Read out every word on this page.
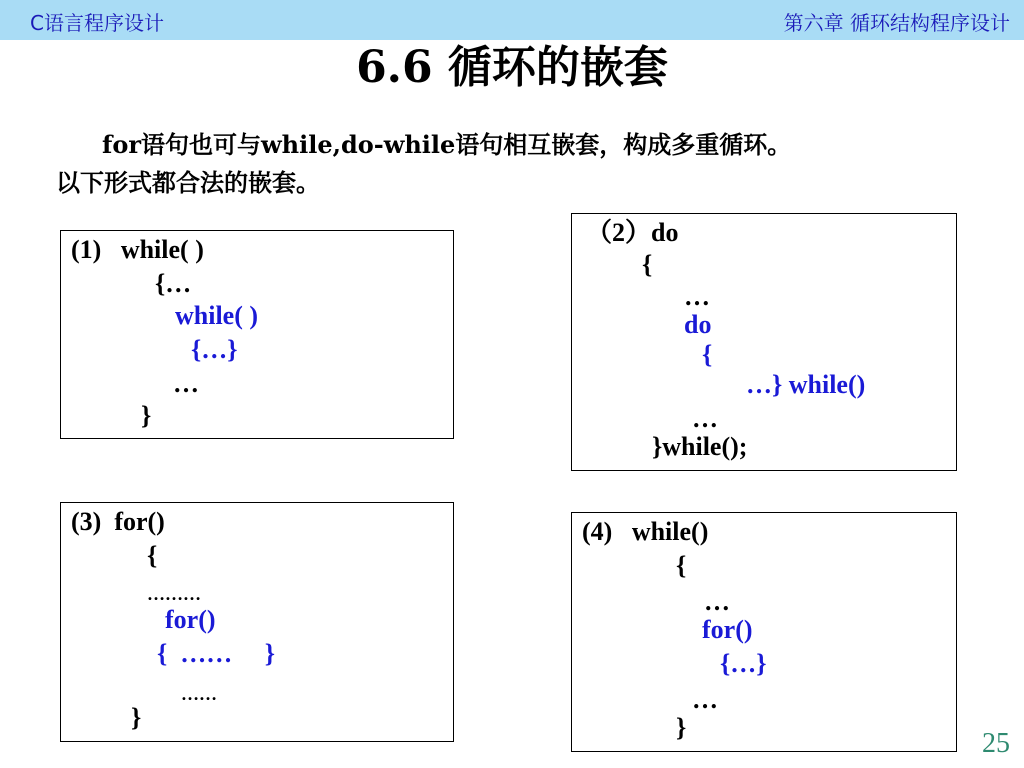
C语言程序设计	第六章 循环结构程序设计
6.6 循环的嵌套
for语句也可与while,do-while语句相互嵌套，构成多重循环。
以下形式都合法的嵌套。
(1)   while( )
{…
while( )
{…}
…
}
（2）do
{
…
do
{
…} while()
…
}while();
(3)  for()
{
………
for()
{  ……     }
……
}
(4)   while()
{
…
for()
{…}
…
}
25
